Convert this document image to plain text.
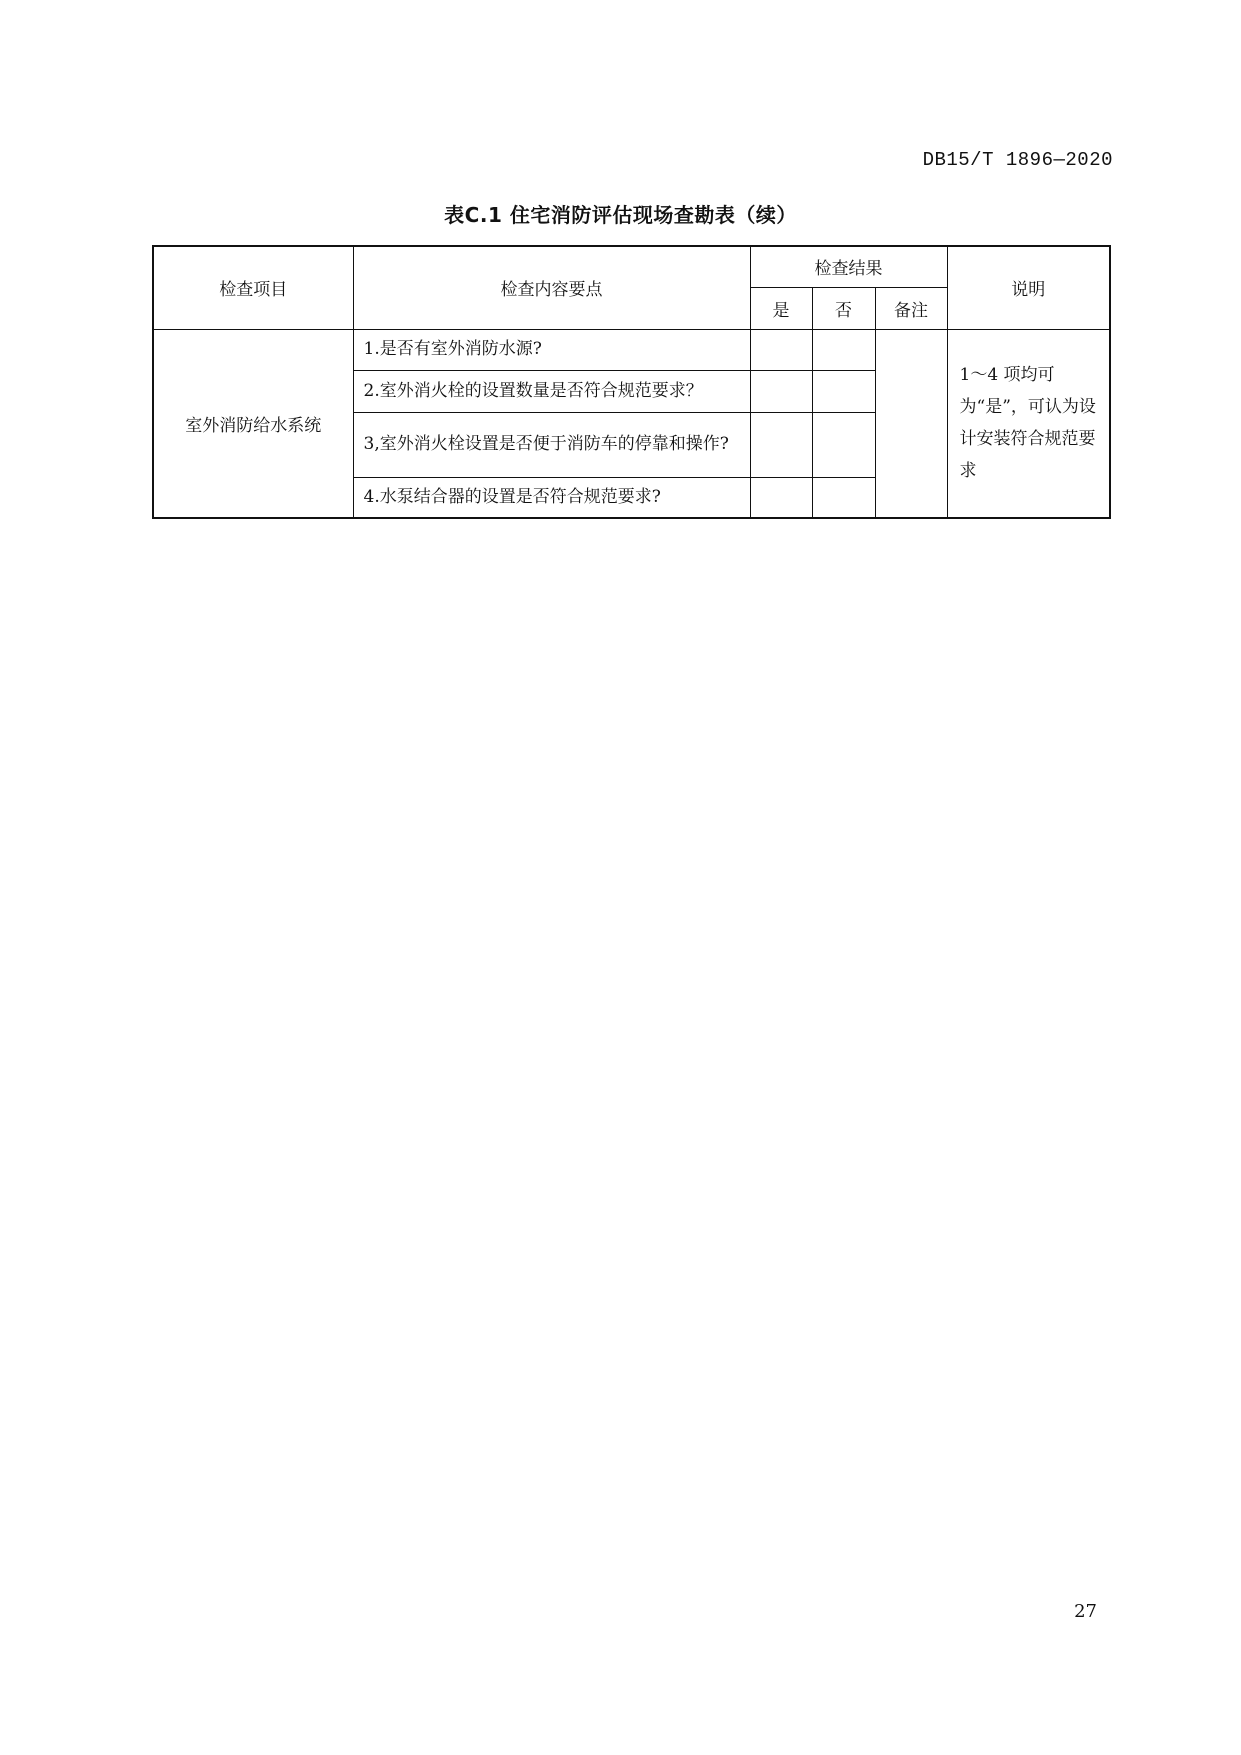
DB15/T 1896—2020
表C.1 住宅消防评估现场查勘表（续）
检查项目	检查内容要点	检查结果			说明
		是	否	备注	
室外消防给水系统	1.是否有室外消防水源?				1～4 项均可为“是”，可认为设计安装符合规范要求
	2.室外消火栓的设置数量是否符合规范要求？				
	3,室外消火栓设置是否便于消防车的停靠和操作?				
	4.水泵结合器的设置是否符合规范要求?				
27
